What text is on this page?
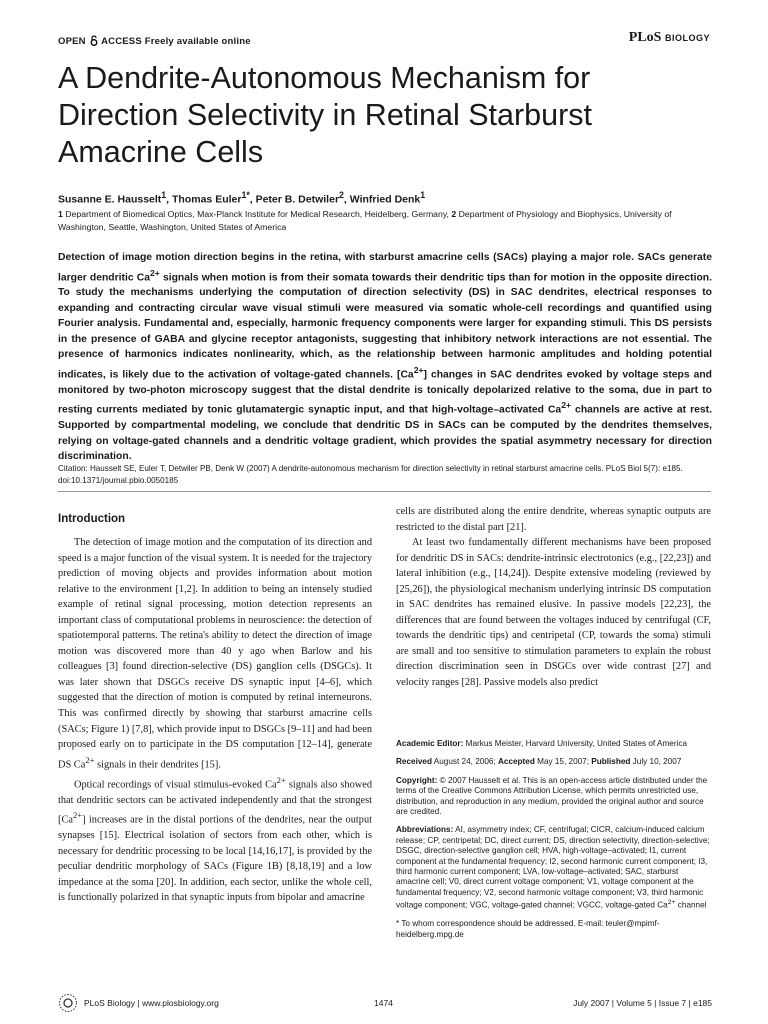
OPEN ACCESS Freely available online	PLoS BIOLOGY
A Dendrite-Autonomous Mechanism for Direction Selectivity in Retinal Starburst Amacrine Cells
Susanne E. Hausselt$^1$, Thomas Euler$^{1*}$, Peter B. Detwiler$^2$, Winfried Denk$^1$
1 Department of Biomedical Optics, Max-Planck Institute for Medical Research, Heidelberg, Germany, 2 Department of Physiology and Biophysics, University of Washington, Seattle, Washington, United States of America

Detection of image motion direction begins in the retina, with starburst amacrine cells (SACs) playing a major role. SACs generate larger dendritic $Ca^{2+}$ signals when motion is from their somata towards their dendritic tips than for motion in the opposite direction. To study the mechanisms underlying the computation of direction selectivity (DS) in SAC dendrites, electrical responses to expanding and contracting circular wave visual stimuli were measured via somatic whole-cell recordings and quantified using Fourier analysis. Fundamental and, especially, harmonic frequency components were larger for expanding stimuli. This DS persists in the presence of GABA and glycine receptor antagonists, suggesting that inhibitory network interactions are not essential. The presence of harmonics indicates nonlinearity, which, as the relationship between harmonic amplitudes and holding potential indicates, is likely due to the activation of voltage-gated channels. $[Ca^{2+}]$ changes in SAC dendrites evoked by voltage steps and monitored by two-photon microscopy suggest that the distal dendrite is tonically depolarized relative to the soma, due in part to resting currents mediated by tonic glutamatergic synaptic input, and that high-voltage–activated $Ca^{2+}$ channels are active at rest. Supported by compartmental modeling, we conclude that dendritic DS in SACs can be computed by the dendrites themselves, relying on voltage-gated channels and a dendritic voltage gradient, which provides the spatial asymmetry necessary for direction discrimination.

Citation: Hausselt SE, Euler T, Detwiler PB, Denk W (2007) A dendrite-autonomous mechanism for direction selectivity in retinal starburst amacrine cells. PLoS Biol 5(7): e185.
doi:10.1371/journal.pbio.0050185
Introduction

The detection of image motion and the computation of its direction and speed is a major function of the visual system. It is needed for the trajectory prediction of moving objects and provides information about motion relative to the environment [1,2]. In addition to being an intensely studied example of retinal signal processing, motion detection represents an important class of computational problems in neuroscience: the detection of spatiotemporal patterns. The retina's ability to detect the direction of image motion was discovered more than 40 y ago when Barlow and his colleagues [3] found direction-selective (DS) ganglion cells (DSGCs). It was later shown that DSGCs receive DS synaptic input [4–6], which suggested that the direction of motion is computed by retinal interneurons. This was confirmed directly by showing that starburst amacrine cells (SACs; Figure 1) [7,8], which provide input to DSGCs [9–11] and had been proposed early on to participate in the DS computation [12–14], generate DS $Ca^{2+}$ signals in their dendrites [15].

Optical recordings of visual stimulus-evoked $Ca^{2+}$ signals also showed that dendritic sectors can be activated independently and that the strongest $[Ca^{2+}]$ increases are in the distal portions of the dendrites, near the output synapses [15]. Electrical isolation of sectors from each other, which is necessary for dendritic processing to be local [14,16,17], is provided by the peculiar dendritic morphology of SACs (Figure 1B) [8,18,19] and a low impedance at the soma [20]. In addition, each sector, unlike the whole cell, is functionally polarized in that synaptic inputs from bipolar and amacrine

cells are distributed along the entire dendrite, whereas synaptic outputs are restricted to the distal part [21].

At least two fundamentally different mechanisms have been proposed for dendritic DS in SACs: dendrite-intrinsic electrotonics (e.g., [22,23]) and lateral inhibition (e.g., [14,24]). Despite extensive modeling (reviewed by [25,26]), the physiological mechanism underlying intrinsic DS computation in SAC dendrites has remained elusive. In passive models [22,23], the differences that are found between the voltages induced by centrifugal (CF, towards the dendritic tips) and centripetal (CP, towards the soma) stimuli are small and too sensitive to stimulation parameters to explain the robust direction discrimination seen in DSGCs over wide contrast [27] and velocity ranges [28]. Passive models also predict

Academic Editor: Markus Meister, Harvard University, United States of America

Received August 24, 2006; Accepted May 15, 2007; Published July 10, 2007

Copyright: © 2007 Hausselt et al. This is an open-access article distributed under the terms of the Creative Commons Attribution License, which permits unrestricted use, distribution, and reproduction in any medium, provided the original author and source are credited.

Abbreviations: AI, asymmetry index; CF, centrifugal; CICR, calcium-induced calcium release; CP, centripetal; DC, direct current; DS, direction selectivity, direction-selective; DSGC, direction-selective ganglion cell; HVA, high-voltage–activated; I1, current component at the fundamental frequency; I2, second harmonic current component; I3, third harmonic current component; LVA, low-voltage–activated; SAC, starburst amacrine cell; V0, direct current voltage component; V1, voltage component at the fundamental frequency; V2, second harmonic voltage component; V3, third harmonic voltage component; VGC, voltage-gated channel; VGCC, voltage-gated $Ca^{2+}$ channel

* To whom correspondence should be addressed. E-mail: teuler@mpimf-heidelberg.mpg.de

PLoS Biology | www.plosbiology.org	1474	July 2007 | Volume 5 | Issue 7 | e185
